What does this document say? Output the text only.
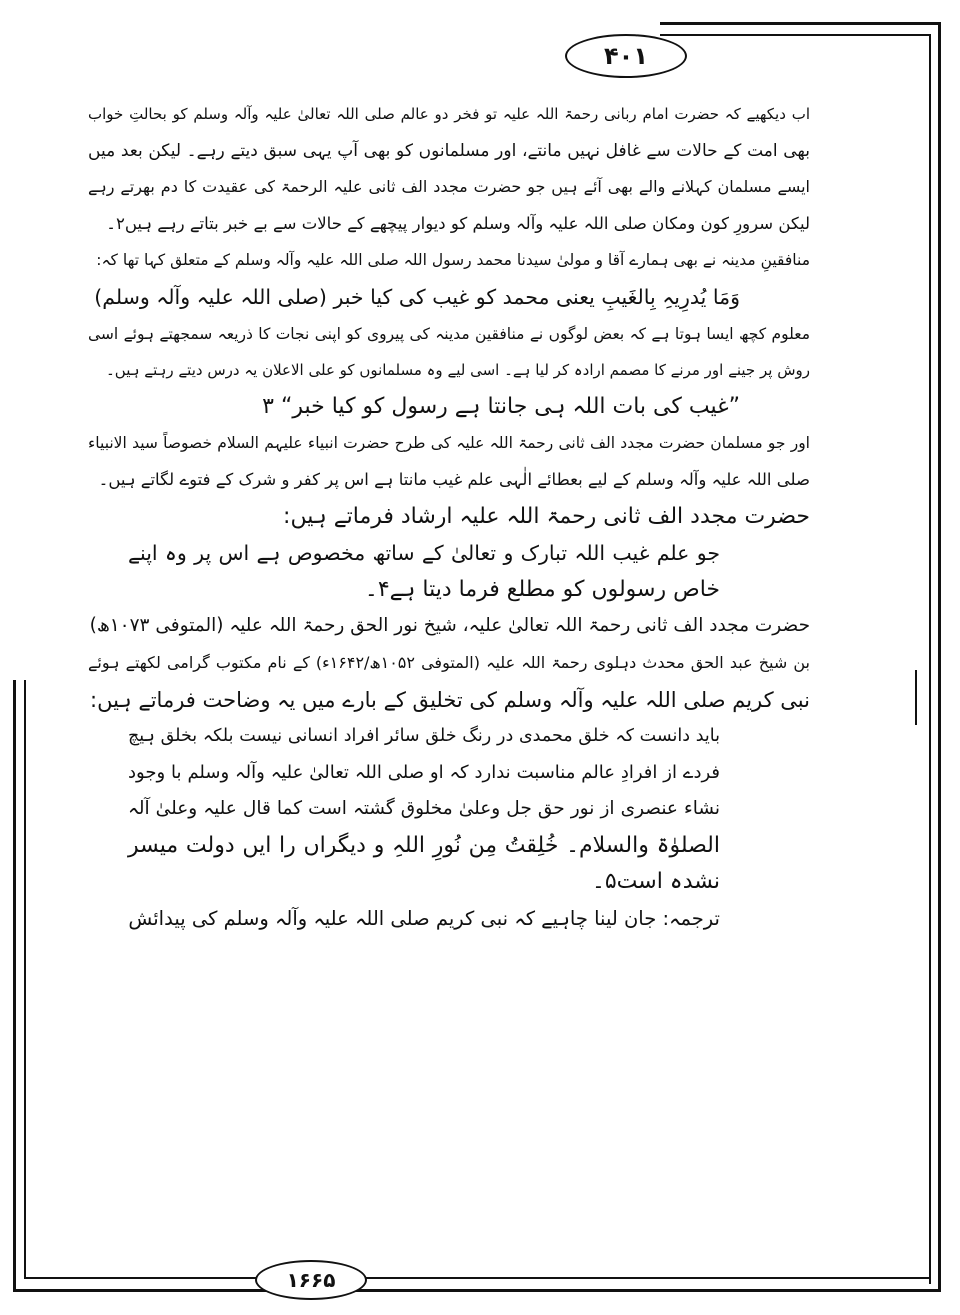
۴۰۱
۱۶۶۵
اب دیکھیے کہ حضرت امام ربانی رحمۃ اللہ علیہ تو فخر دو عالم صلی اللہ تعالیٰ علیہ وآلہ وسلم کو بحالتِ خواب
بھی امت کے حالات سے غافل نہیں مانتے، اور مسلمانوں کو بھی آپ یہی سبق دیتے رہے۔ لیکن بعد میں
ایسے مسلمان کہلانے والے بھی آئے ہیں جو حضرت مجدد الف ثانی علیہ الرحمۃ کی عقیدت کا دم بھرتے رہے
لیکن سرورِ کون ومکان صلی اللہ علیہ وآلہ وسلم کو دیوار پیچھے کے حالات سے بے خبر بتاتے رہے ہیں۲۔
منافقینِ مدینہ نے بھی ہمارے آقا و مولیٰ سیدنا محمد رسول اللہ صلی اللہ علیہ وآلہ وسلم کے متعلق کہا تھا کہ:
وَمَا یُدرِیہِ بِالغَیبِ یعنی محمد کو غیب کی کیا خبر (صلی اللہ علیہ وآلہ وسلم)
معلوم کچھ ایسا ہوتا ہے کہ بعض لوگوں نے منافقین مدینہ کی پیروی کو اپنی نجات کا ذریعہ سمجھتے ہوئے اسی
روش پر جینے اور مرنے کا مصمم ارادہ کر لیا ہے۔ اسی لیے وہ مسلمانوں کو علی الاعلان یہ درس دیتے رہتے ہیں۔
”غیب کی بات اللہ ہی جانتا ہے رسول کو کیا خبر“ ۳
اور جو مسلمان حضرت مجدد الف ثانی رحمۃ اللہ علیہ کی طرح حضرت انبیاء علیہم السلام خصوصاً سید الانبیاء
صلی اللہ علیہ وآلہ وسلم کے لیے بعطائے الٰہی علم غیب مانتا ہے اس پر کفر و شرک کے فتوے لگاتے ہیں۔
حضرت مجدد الف ثانی رحمۃ اللہ علیہ ارشاد فرماتے ہیں:
جو علم غیب اللہ تبارک و تعالیٰ کے ساتھ مخصوص ہے اس پر وہ اپنے
خاص رسولوں کو مطلع فرما دیتا ہے۴۔
حضرت مجدد الف ثانی رحمۃ اللہ تعالیٰ علیہ، شیخ نور الحق رحمۃ اللہ علیہ (المتوفی ۱۰۷۳ھ)
بن شیخ عبد الحق محدث دہلوی رحمۃ اللہ علیہ (المتوفی ۱۰۵۲ھ/۱۶۴۲ء) کے نام مکتوب گرامی لکھتے ہوئے
نبی کریم صلی اللہ علیہ وآلہ وسلم کی تخلیق کے بارے میں یہ وضاحت فرماتے ہیں:
باید دانست کہ خلق محمدی در رنگ خلق سائر افراد انسانی نیست بلکہ بخلق ہیچ
فردے از افرادِ عالم مناسبت ندارد کہ او صلی اللہ تعالیٰ علیہ وآلہ وسلم با وجود
نشاء عنصری از نور حق جل وعلیٰ مخلوق گشتہ است کما قال علیہ وعلیٰ آلہ
الصلوٰۃ والسلام۔ خُلِقتُ مِن نُورِ اللہِ و دیگراں را ایں دولت میسر
نشدہ است۵۔
ترجمہ: جان لینا چاہیے کہ نبی کریم صلی اللہ علیہ وآلہ وسلم کی پیدائش
